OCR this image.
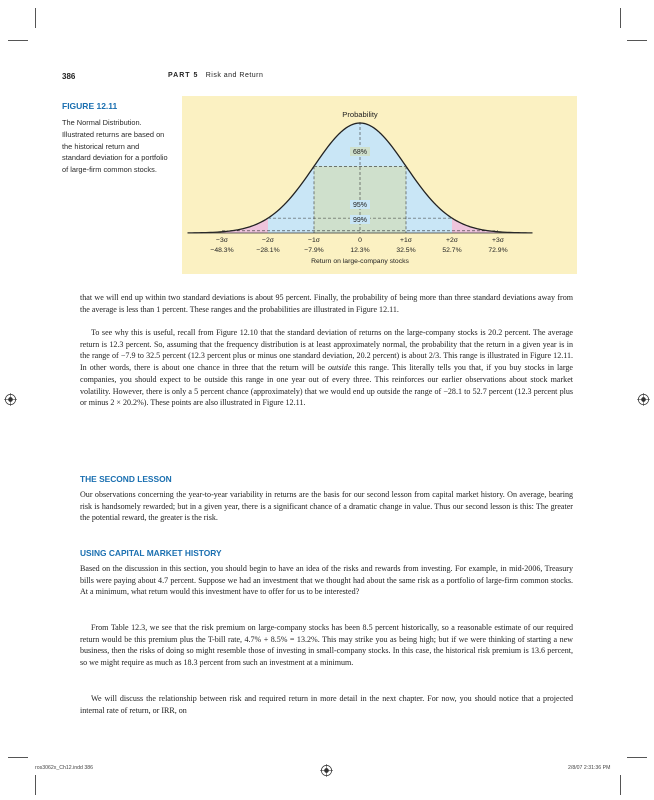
386	PART 5 Risk and Return
FIGURE 12.11
The Normal Distribution. Illustrated returns are based on the historical return and standard deviation for a portfolio of large-firm common stocks.
Probability
68%
95%
99%
−3σ
−48.3%
−2σ
−28.1%
−1σ
−7.9%
0
12.3%
+1σ
32.5%
+2σ
52.7%
+3σ
72.9%
Return on large-company stocks

that we will end up within two standard deviations is about 95 percent. Finally, the probability of being more than three standard deviations away from the average is less than 1 percent. These ranges and the probabilities are illustrated in Figure 12.11.

To see why this is useful, recall from Figure 12.10 that the standard deviation of returns on the large-company stocks is 20.2 percent. The average return is 12.3 percent. So, assuming that the frequency distribution is at least approximately normal, the probability that the return in a given year is in the range of −7.9 to 32.5 percent (12.3 percent plus or minus one standard deviation, 20.2 percent) is about 2/3. This range is illustrated in Figure 12.11. In other words, there is about one chance in three that the return will be outside this range. This literally tells you that, if you buy stocks in large companies, you should expect to be outside this range in one year out of every three. This reinforces our earlier observations about stock market volatility. However, there is only a 5 percent chance (approximately) that we would end up outside the range of −28.1 to 52.7 percent (12.3 percent plus or minus 2 × 20.2%). These points are also illustrated in Figure 12.11.

THE SECOND LESSON

Our observations concerning the year-to-year variability in returns are the basis for our second lesson from capital market history. On average, bearing risk is handsomely rewarded; but in a given year, there is a significant chance of a dramatic change in value. Thus our second lesson is this: The greater the potential reward, the greater is the risk.

USING CAPITAL MARKET HISTORY

Based on the discussion in this section, you should begin to have an idea of the risks and rewards from investing. For example, in mid-2006, Treasury bills were paying about 4.7 percent. Suppose we had an investment that we thought had about the same risk as a portfolio of large-firm common stocks. At a minimum, what return would this investment have to offer for us to be interested?

From Table 12.3, we see that the risk premium on large-company stocks has been 8.5 percent historically, so a reasonable estimate of our required return would be this premium plus the T-bill rate, 4.7% + 8.5% = 13.2%. This may strike you as being high; but if we were thinking of starting a new business, then the risks of doing so might resemble those of investing in small-company stocks. In this case, the historical risk premium is 13.6 percent, so we might require as much as 18.3 percent from such an investment at a minimum.

We will discuss the relationship between risk and required return in more detail in the next chapter. For now, you should notice that a projected internal rate of return, or IRR, on

ros3062x_Ch12.indd 386	2/8/07 2:31:36 PM
